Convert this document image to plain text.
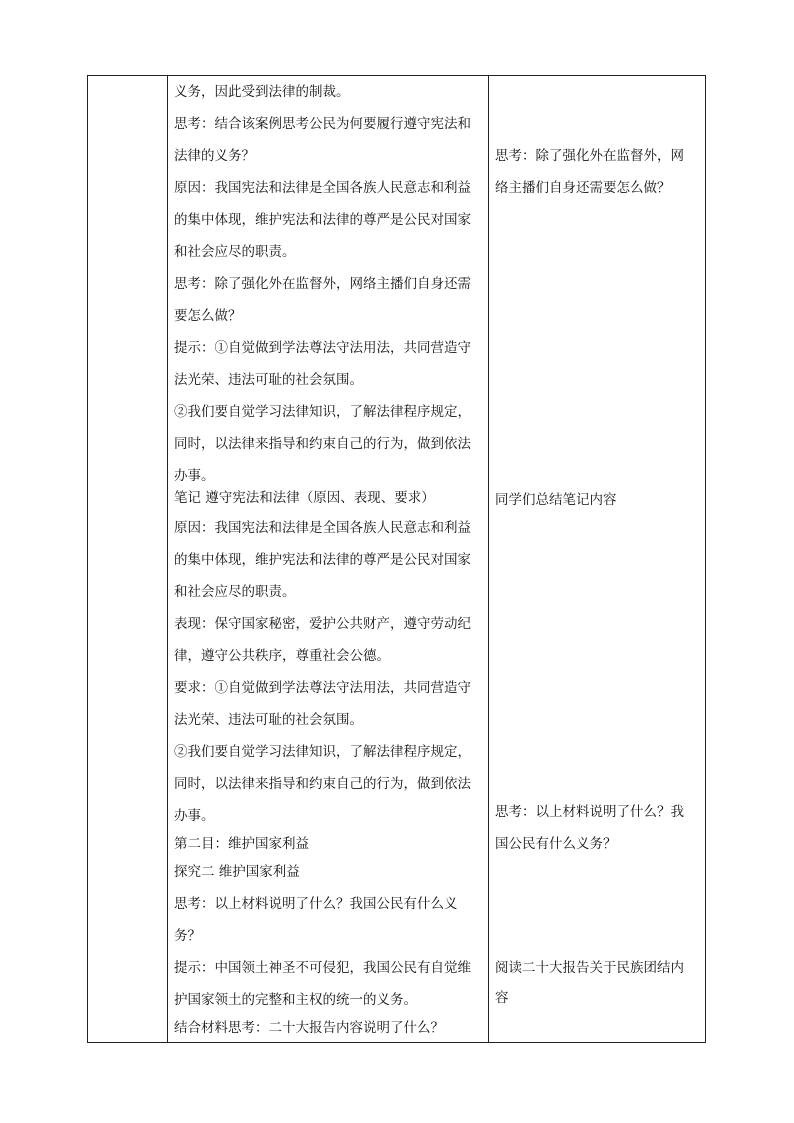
义务，因此受到法律的制裁。
思考：结合该案例思考公民为何要履行遵守宪法和
法律的义务？
原因：我国宪法和法律是全国各族人民意志和利益
的集中体现，维护宪法和法律的尊严是公民对国家
和社会应尽的职责。
思考：除了强化外在监督外，网络主播们自身还需
要怎么做？
提示：①自觉做到学法尊法守法用法，共同营造守
法光荣、违法可耻的社会氛围。
②我们要自觉学习法律知识，了解法律程序规定，
同时，以法律来指导和约束自己的行为，做到依法
办事。
笔记 遵守宪法和法律（原因、表现、要求）
原因：我国宪法和法律是全国各族人民意志和利益
的集中体现，维护宪法和法律的尊严是公民对国家
和社会应尽的职责。
表现：保守国家秘密，爱护公共财产，遵守劳动纪
律，遵守公共秩序，尊重社会公德。
要求：①自觉做到学法尊法守法用法，共同营造守
法光荣、违法可耻的社会氛围。
②我们要自觉学习法律知识，了解法律程序规定，
同时，以法律来指导和约束自己的行为，做到依法
办事。
第二目：维护国家利益
探究二 维护国家利益
思考：以上材料说明了什么？我国公民有什么义
务？
提示：中国领土神圣不可侵犯，我国公民有自觉维
护国家领土的完整和主权的统一的义务。
结合材料思考：二十大报告内容说明了什么？
思考：除了强化外在监督外，网
络主播们自身还需要怎么做？
同学们总结笔记内容
思考：以上材料说明了什么？我
国公民有什么义务？
阅读二十大报告关于民族团结内
容
